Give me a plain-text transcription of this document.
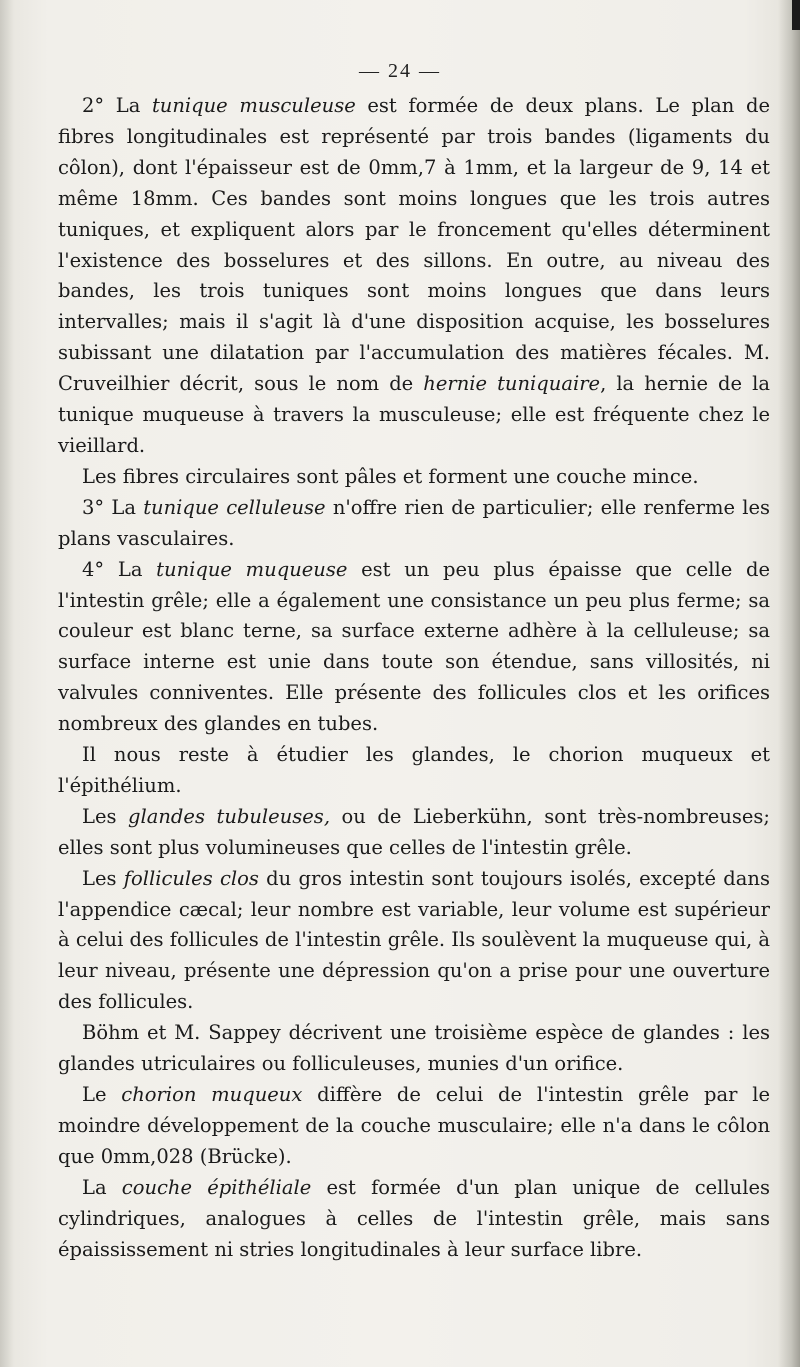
— 24 —

2° La tunique musculeuse est formée de deux plans. Le plan de fibres longitudinales est représenté par trois bandes (ligaments du côlon), dont l'épaisseur est de 0mm,7 à 1mm, et la largeur de 9, 14 et même 18mm. Ces bandes sont moins longues que les trois autres tuniques, et expliquent alors par le froncement qu'elles déterminent l'existence des bosselures et des sillons. En outre, au niveau des bandes, les trois tuniques sont moins longues que dans leurs intervalles; mais il s'agit là d'une disposition acquise, les bosselures subissant une dilatation par l'accumulation des matières fécales. M. Cruveilhier décrit, sous le nom de hernie tuniquaire, la hernie de la tunique muqueuse à travers la musculeuse; elle est fréquente chez le vieillard.

Les fibres circulaires sont pâles et forment une couche mince.

3° La tunique celluleuse n'offre rien de particulier; elle renferme les plans vasculaires.

4° La tunique muqueuse est un peu plus épaisse que celle de l'intestin grêle; elle a également une consistance un peu plus ferme; sa couleur est blanc terne, sa surface externe adhère à la celluleuse; sa surface interne est unie dans toute son étendue, sans villosités, ni valvules conniventes. Elle présente des follicules clos et les orifices nombreux des glandes en tubes.

Il nous reste à étudier les glandes, le chorion muqueux et l'épithélium.

Les glandes tubuleuses, ou de Lieberkühn, sont très-nombreuses; elles sont plus volumineuses que celles de l'intestin grêle.

Les follicules clos du gros intestin sont toujours isolés, excepté dans l'appendice cæcal; leur nombre est variable, leur volume est supérieur à celui des follicules de l'intestin grêle. Ils soulèvent la muqueuse qui, à leur niveau, présente une dépression qu'on a prise pour une ouverture des follicules.

Böhm et M. Sappey décrivent une troisième espèce de glandes : les glandes utriculaires ou folliculeuses, munies d'un orifice.

Le chorion muqueux diffère de celui de l'intestin grêle par le moindre développement de la couche musculaire; elle n'a dans le côlon que 0mm,028 (Brücke).

La couche épithéliale est formée d'un plan unique de cellules cylindriques, analogues à celles de l'intestin grêle, mais sans épaississement ni stries longitudinales à leur surface libre.
